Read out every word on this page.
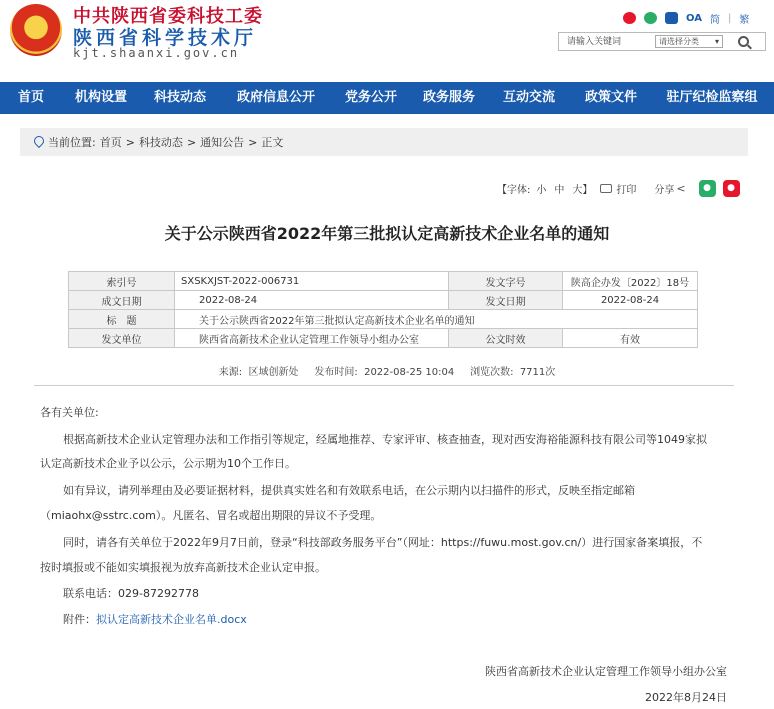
★ 中共陕西省委科技工委
陕西省科学技术厅
kjt.shaanxi.gov.cn
OA 简 | 繁
请输入关键词
请选择分类 ▾
首页	机构设置	科技动态	政府信息公开	党务公开	政务服务	互动交流	政策文件	驻厅纪检监察组
当前位置: 首页 > 科技动态 > 通知公告 > 正文
【字体: 小 中 大 】 打印 分享 <	●	●
关于公示陕西省2022年第三批拟认定高新技术企业名单的通知
索引号	SXSKXJST-2022-006731	发文字号	陕高企办发〔2022〕18号
成文日期	2022-08-24	发文日期	2022-08-24
标　题	关于公示陕西省2022年第三批拟认定高新技术企业名单的通知		
发文单位	陕西省高新技术企业认定管理工作领导小组办公室	公文时效	有效
来源:  区域创新处     发布时间:  2022-08-25 10:04     浏览次数:  7711次
各有关单位:
根据高新技术企业认定管理办法和工作指引等规定，经属地推荐、专家评审、核查抽查，现对西安海裕能源科技有限公司等1049家拟
认定高新技术企业予以公示，公示期为10个工作日。
如有异议，请列举理由及必要证据材料，提供真实姓名和有效联系电话，在公示期内以扫描件的形式，反映至指定邮箱
（miaohx@sstrc.com）。凡匿名、冒名或超出期限的异议不予受理。
同时，请各有关单位于2022年9月7日前，登录“科技部政务服务平台”（网址：https://fuwu.most.gov.cn/）进行国家备案填报，不
按时填报或不能如实填报视为放弃高新技术企业认定申报。
联系电话：029-87292778
附件：拟认定高新技术企业名单.docx
陕西省高新技术企业认定管理工作领导小组办公室
2022年8月24日
